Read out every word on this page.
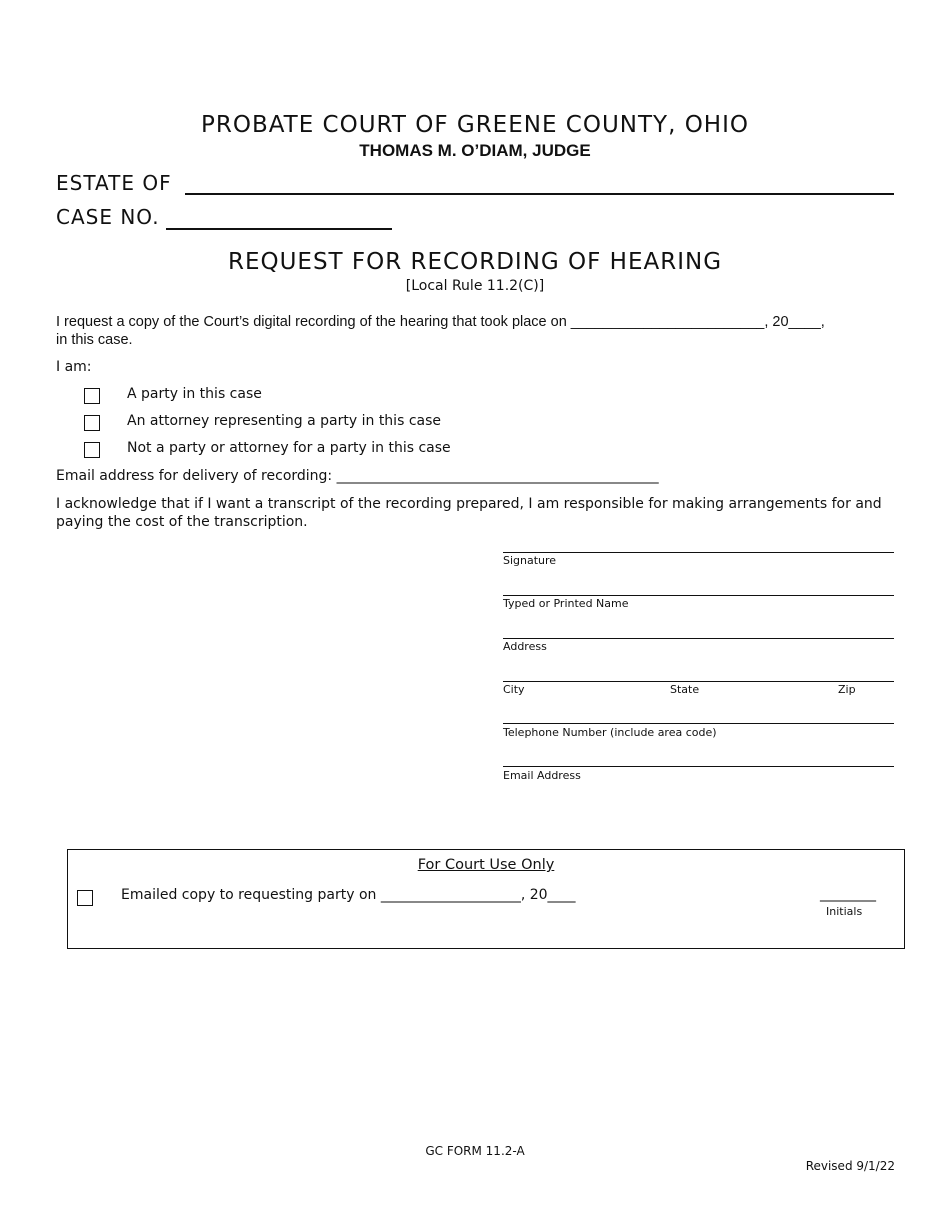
PROBATE COURT OF GREENE COUNTY, OHIO
THOMAS M. O’DIAM, JUDGE
ESTATE OF
CASE NO.
REQUEST FOR RECORDING OF HEARING
[Local Rule 11.2(C)]
I request a copy of the Court’s digital recording of the hearing that took place on ________________________, 20____,
in this case.
I am:
A party in this case
An attorney representing a party in this case
Not a party or attorney for a party in this case
Email address for delivery of recording: ______________________________________________
I acknowledge that if I want a transcript of the recording prepared, I am responsible for making arrangements for and paying the cost of the transcription.
Signature
Typed or Printed Name
Address
City	State	Zip
Telephone Number (include area code)
Email Address
For Court Use Only
Emailed copy to requesting party on ____________________, 20____	________
Initials
GC FORM 11.2-A
Revised 9/1/22
